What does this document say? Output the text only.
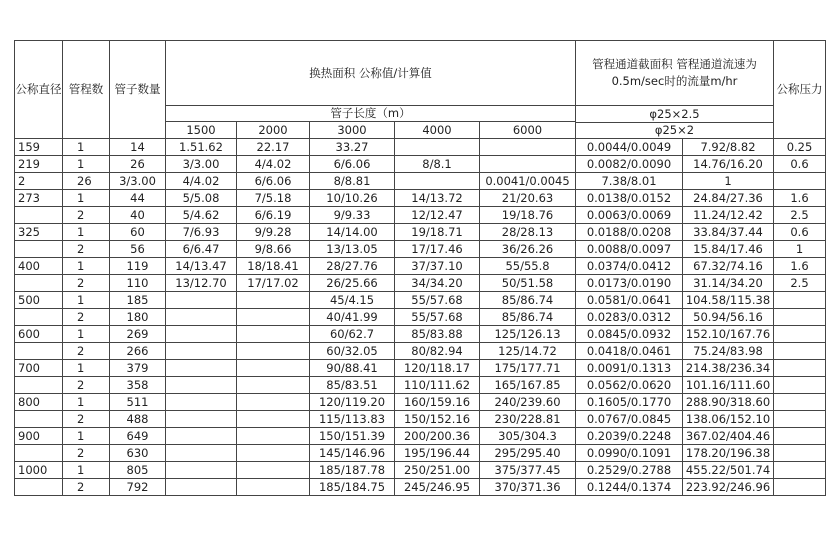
公称直径	管程数	管子数量	换热面积 公称值/计算值					管程通道截面积 管程通道流速为0.5m/sec时的流量m/hr		公称压力
			管子长度（m）					φ25×2.5		
			1500	2000	3000	4000	6000			
								φ25×2		
159	1	14	1.51.62	22.17	33.27			0.0044/0.0049	7.92/8.82	0.25
219	1	26	3/3.00	4/4.02	6/6.06	8/8.1		0.0082/0.0090	14.76/16.20	0.6
2	26	3/3.00	4/4.02	6/6.06	8/8.81		0.0041/0.0045	7.38/8.01	1	
273	1	44	5/5.08	7/5.18	10/10.26	14/13.72	21/20.63	0.0138/0.0152	24.84/27.36	1.6
	2	40	5/4.62	6/6.19	9/9.33	12/12.47	19/18.76	0.0063/0.0069	11.24/12.42	2.5
325	1	60	7/6.93	9/9.28	14/14.00	19/18.71	28/28.13	0.0188/0.0208	33.84/37.44	0.6
	2	56	6/6.47	9/8.66	13/13.05	17/17.46	36/26.26	0.0088/0.0097	15.84/17.46	1
400	1	119	14/13.47	18/18.41	28/27.76	37/37.10	55/55.8	0.0374/0.0412	67.32/74.16	1.6
	2	110	13/12.70	17/17.02	26/25.66	34/34.20	50/51.58	0.0173/0.0190	31.14/34.20	2.5
500	1	185			45/4.15	55/57.68	85/86.74	0.0581/0.0641	104.58/115.38	
	2	180			40/41.99	55/57.68	85/86.74	0.0283/0.0312	50.94/56.16	
600	1	269			60/62.7	85/83.88	125/126.13	0.0845/0.0932	152.10/167.76	
	2	266			60/32.05	80/82.94	125/14.72	0.0418/0.0461	75.24/83.98	
700	1	379			90/88.41	120/118.17	175/177.71	0.0091/0.1313	214.38/236.34	
	2	358			85/83.51	110/111.62	165/167.85	0.0562/0.0620	101.16/111.60	
800	1	511			120/119.20	160/159.16	240/239.60	0.1605/0.1770	288.90/318.60	
	2	488			115/113.83	150/152.16	230/228.81	0.0767/0.0845	138.06/152.10	
900	1	649			150/151.39	200/200.36	305/304.3	0.2039/0.2248	367.02/404.46	
	2	630			145/146.96	195/196.44	295/295.40	0.0990/0.1091	178.20/196.38	
1000	1	805			185/187.78	250/251.00	375/377.45	0.2529/0.2788	455.22/501.74	
	2	792			185/184.75	245/246.95	370/371.36	0.1244/0.1374	223.92/246.96	
